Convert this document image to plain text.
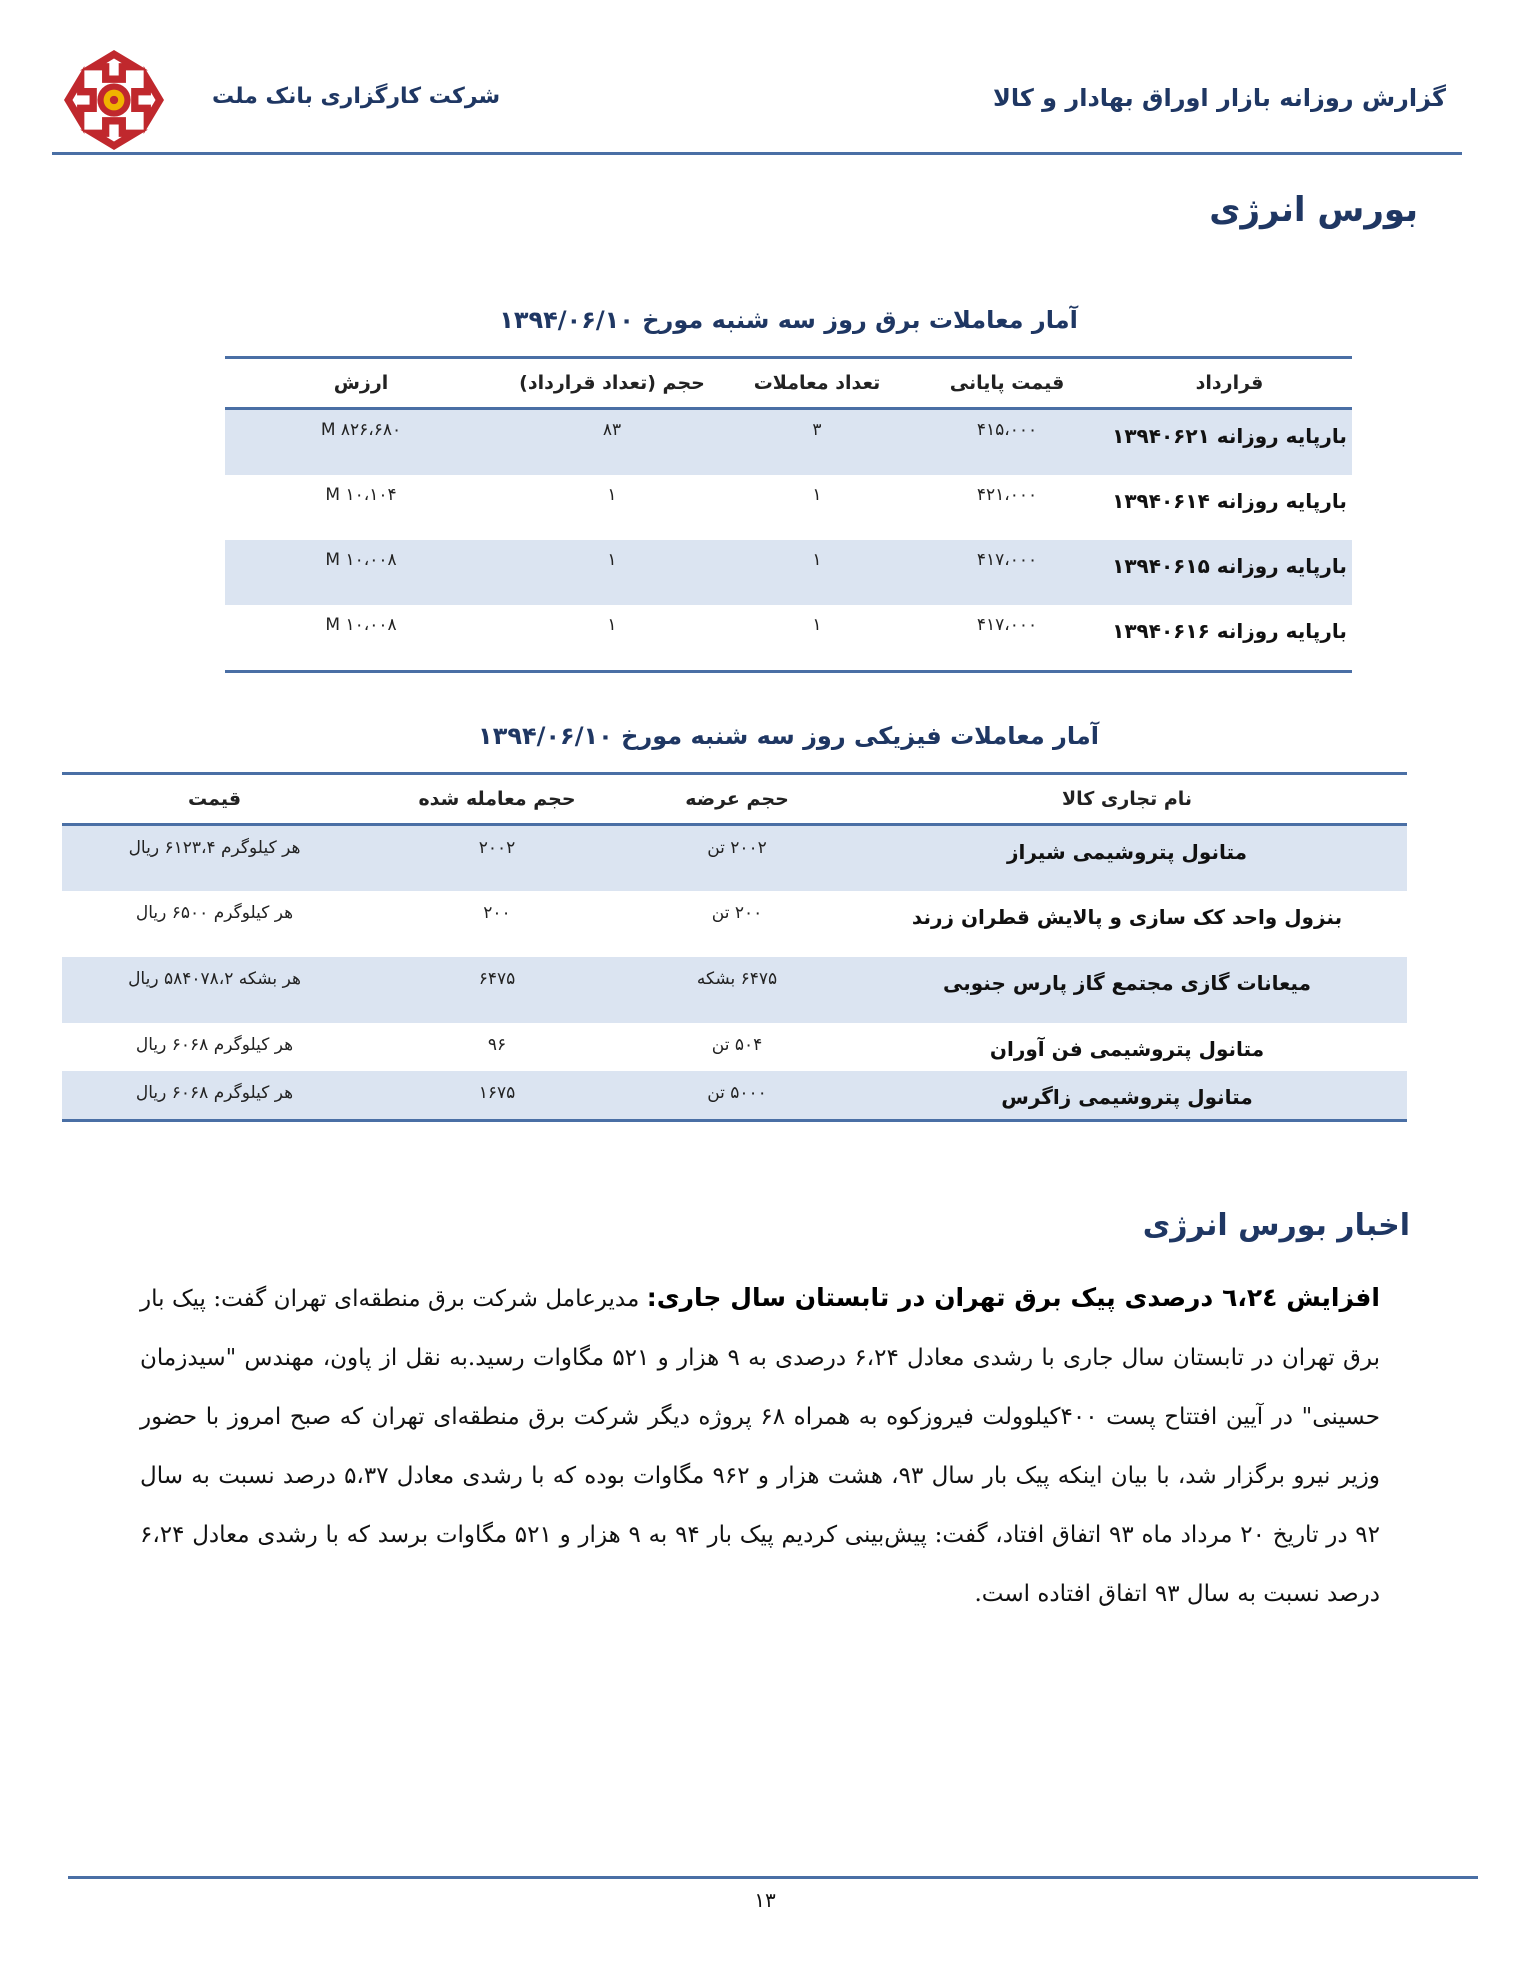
شرکت کارگزاری بانک ملت	گزارش روزانه بازار اوراق بهادار و کالا
بورس انرژی
آمار معاملات برق روز سه شنبه مورخ ۱۳۹۴/۰۶/۱۰
قرارداد	قیمت پایانی	تعداد معاملات	حجم (تعداد قرارداد)	ارزش
بارپایه روزانه ۱۳۹۴۰۶۲۱	۴۱۵،۰۰۰	۳	۸۳	۸۲۶،۶۸۰ M
بارپایه روزانه ۱۳۹۴۰۶۱۴	۴۲۱،۰۰۰	۱	۱	۱۰،۱۰۴ M
بارپایه روزانه ۱۳۹۴۰۶۱۵	۴۱۷،۰۰۰	۱	۱	۱۰،۰۰۸ M
بارپایه روزانه ۱۳۹۴۰۶۱۶	۴۱۷،۰۰۰	۱	۱	۱۰،۰۰۸ M
آمار معاملات فیزیکی روز سه شنبه مورخ ۱۳۹۴/۰۶/۱۰
نام تجاری کالا	حجم عرضه	حجم معامله شده	قیمت
متانول پتروشیمی شیراز	۲۰۰۲ تن	۲۰۰۲	هر کیلوگرم ۶۱۲۳،۴ ریال
بنزول واحد کک سازی و پالایش قطران زرند	۲۰۰ تن	۲۰۰	هر کیلوگرم ۶۵۰۰ ریال
میعانات گازی مجتمع گاز پارس جنوبی	۶۴۷۵ بشکه	۶۴۷۵	هر بشکه ۵۸۴۰۷۸،۲ ریال
متانول پتروشیمی فن آوران	۵۰۴ تن	۹۶	هر کیلوگرم ۶۰۶۸ ریال
متانول پتروشیمی زاگرس	۵۰۰۰ تن	۱۶۷۵	هر کیلوگرم ۶۰۶۸ ریال
اخبار بورس انرژی
افزایش ٦،٢٤ درصدی پیک برق تهران در تابستان سال جاری: مدیرعامل شرکت برق منطقه‌ای تهران گفت: پیک بار برق تهران در تابستان سال جاری با رشدی معادل ۶،۲۴ درصدی به ۹ هزار و ۵۲۱ مگاوات رسید.به نقل از پاون، مهندس "سیدزمان حسینی" در آیین افتتاح پست ۴۰۰کیلوولت فیروزکوه به همراه ۶۸ پروژه دیگر شرکت برق منطقه‌ای تهران که صبح امروز با حضور وزیر نیرو برگزار شد، با بیان اینکه پیک بار سال ۹۳، هشت هزار و ۹۶۲ مگاوات بوده که با رشدی معادل ۵،۳۷ درصد نسبت به سال ۹۲ در تاریخ ۲۰ مرداد ماه ۹۳ اتفاق افتاد، گفت: پیش‌بینی کردیم پیک بار ۹۴ به ۹ هزار و ۵۲۱ مگاوات برسد که با رشدی معادل ۶،۲۴ درصد نسبت به سال ۹۳ اتفاق افتاده است.
۱۳
